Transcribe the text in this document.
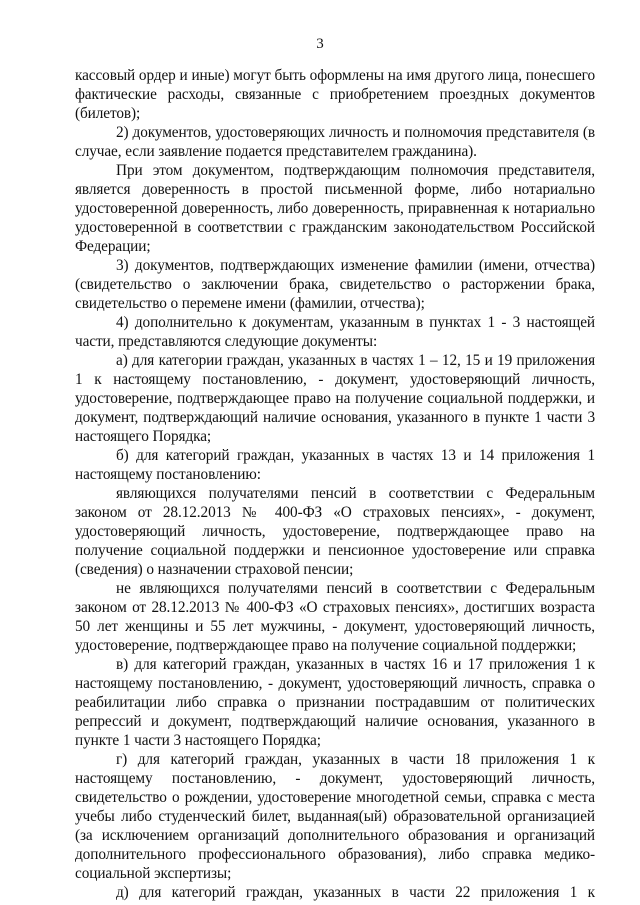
3

кассовый ордер и иные) могут быть оформлены на имя другого лица, понесшего фактические расходы, связанные с приобретением проездных документов (билетов);

2) документов, удостоверяющих личность и полномочия представителя (в случае, если заявление подается представителем гражданина).

При этом документом, подтверждающим полномочия представителя, является доверенность в простой письменной форме, либо нотариально удостоверенной доверенность, либо доверенность, приравненная к нотариально удостоверенной в соответствии с гражданским законодательством Российской Федерации;

3) документов, подтверждающих изменение фамилии (имени, отчества) (свидетельство о заключении брака, свидетельство о расторжении брака, свидетельство о перемене имени (фамилии, отчества);

4) дополнительно к документам, указанным в пунктах 1 - 3 настоящей части, представляются следующие документы:

а) для категории граждан, указанных в частях 1 – 12, 15 и 19 приложения 1 к настоящему постановлению, - документ, удостоверяющий личность, удостоверение, подтверждающее право на получение социальной поддержки, и документ, подтверждающий наличие основания, указанного в пункте 1 части 3 настоящего Порядка;

б) для категорий граждан, указанных в частях 13 и 14 приложения 1 настоящему постановлению:

являющихся получателями пенсий в соответствии с Федеральным законом от 28.12.2013 № 400-ФЗ «О страховых пенсиях», - документ, удостоверяющий личность, удостоверение, подтверждающее право на получение социальной поддержки и пенсионное удостоверение или справка (сведения) о назначении страховой пенсии;

не являющихся получателями пенсий в соответствии с Федеральным законом от 28.12.2013 № 400-ФЗ «О страховых пенсиях», достигших возраста 50 лет женщины и 55 лет мужчины, - документ, удостоверяющий личность, удостоверение, подтверждающее право на получение социальной поддержки;

в) для категорий граждан, указанных в частях 16 и 17 приложения 1 к настоящему постановлению, - документ, удостоверяющий личность, справка о реабилитации либо справка о признании пострадавшим от политических репрессий и документ, подтверждающий наличие основания, указанного в пункте 1 части 3 настоящего Порядка;

г) для категорий граждан, указанных в части 18 приложения 1 к настоящему постановлению, - документ, удостоверяющий личность, свидетельство о рождении, удостоверение многодетной семьи, справка с места учебы либо студенческий билет, выданная(ый) образовательной организацией (за исключением организаций дополнительного образования и организаций дополнительного профессионального образования), либо справка медико-социальной экспертизы;

д) для категорий граждан, указанных в части 22 приложения 1 к
